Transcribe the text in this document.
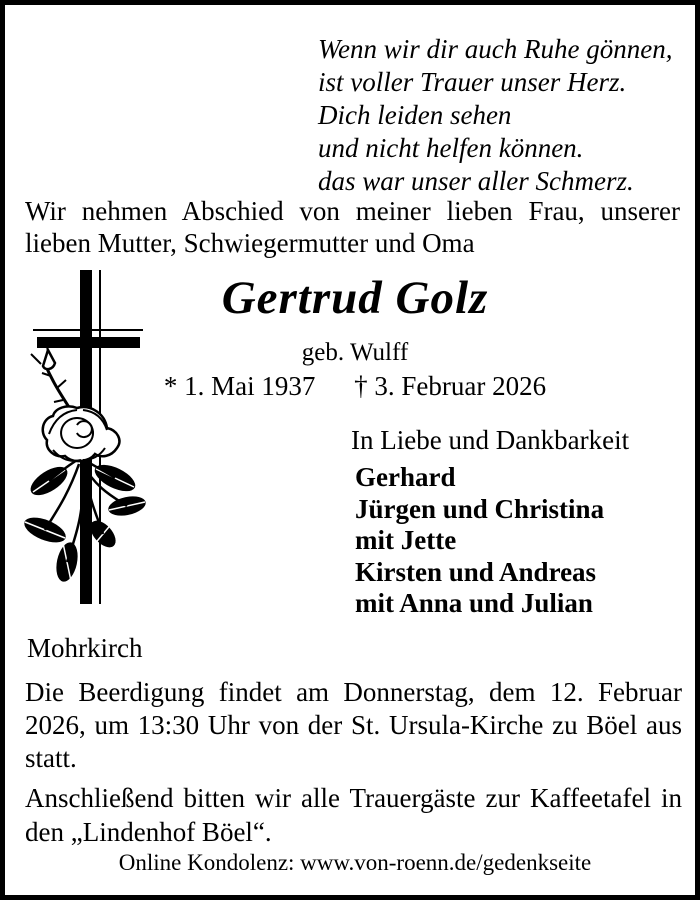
Wenn wir dir auch Ruhe gönnen,
ist voller Trauer unser Herz.
Dich leiden sehen
und nicht helfen können.
das war unser aller Schmerz.
Wir nehmen Abschied von meiner lieben Frau, unserer lieben Mutter, Schwiegermutter und Oma
Gertrud Golz
geb. Wulff
* 1. Mai 1937 † 3. Februar 2026
In Liebe und Dankbarkeit
Gerhard
Jürgen und Christina
mit Jette
Kirsten und Andreas
mit Anna und Julian
Mohrkirch
Die Beerdigung findet am Donnerstag, dem 12. Februar 2026, um 13:30 Uhr von der St. Ursula-Kirche zu Böel aus statt.
Anschließend bitten wir alle Trauergäste zur Kaffeetafel in den „Lindenhof Böel“.
Online Kondolenz: www.von-roenn.de/gedenkseite
